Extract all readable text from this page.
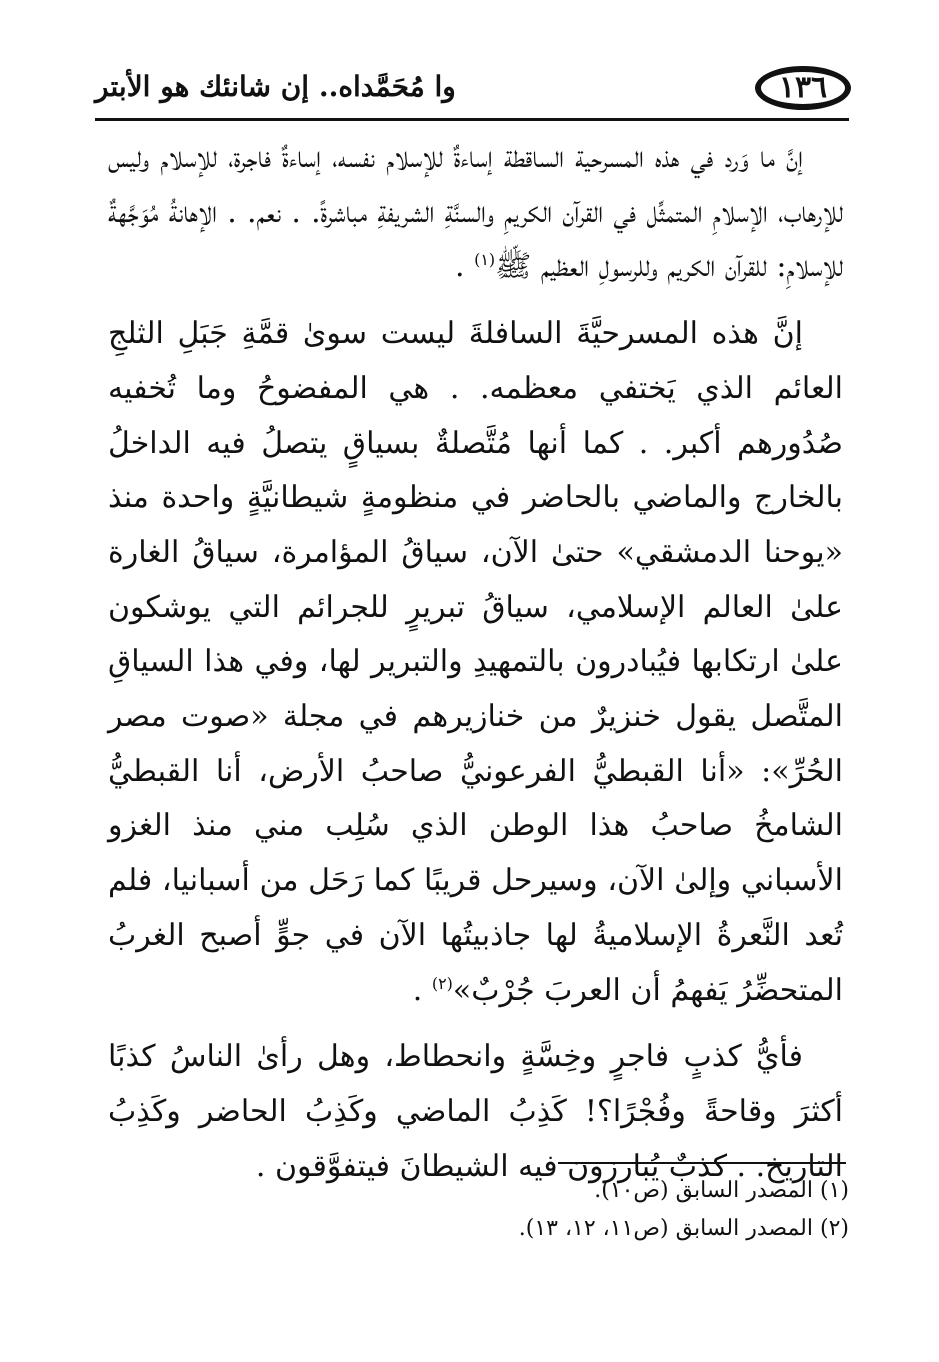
١٣٦
وا مُحَمَّداه.. إن شانئك هو الأبتر

إنَّ ما وَرد في هذه المسرحية الساقطة إساءةٌ للإسلام نفسه، إساءةٌ فاجرة، للإسلام وليس للإرهاب، الإسلامِ المتمثِّل في القرآن الكريمِ والسنَّةِ الشريفةِ مباشرةً. . نعم. . الإهانةُ مُوَجَّهةٌ للإسلامِ: للقرآن الكريم وللرسولِ العظيم ﷺ$^{(١)}$ .

إنَّ هذه المسرحيَّةَ السافلةَ ليست سوىٰ قمَّةِ جَبَلِ الثلجِ العائم الذي يَختفي معظمه. . هي المفضوحُ وما تُخفيه صُدُورهم أكبر. . كما أنها مُتَّصلةٌ بسياقٍ يتصلُ فيه الداخلُ بالخارج والماضي بالحاضر في منظومةٍ شيطانيَّةٍ واحدة منذ «يوحنا الدمشقي» حتىٰ الآن، سياقُ المؤامرة، سياقُ الغارة علىٰ العالم الإسلامي، سياقُ تبريرٍ للجرائم التي يوشكون علىٰ ارتكابها فيُبادرون بالتمهيدِ والتبرير لها، وفي هذا السياقِ المتَّصل يقول خنزيرٌ من خنازيرهم في مجلة «صوت مصر الحُرِّ»: «أنا القبطيُّ الفرعونيُّ صاحبُ الأرض، أنا القبطيُّ الشامخُ صاحبُ هذا الوطن الذي سُلِب مني منذ الغزو الأسباني وإلىٰ الآن، وسيرحل قريبًا كما رَحَل من أسبانيا، فلم تُعد النَّعرةُ الإسلاميةُ لها جاذبيتُها الآن في جوٍّ أصبح الغربُ المتحضِّرُ يَفهمُ أن العربَ جُرْبٌ»$^{(٢)}$ .

فأيُّ كذبٍ فاجرٍ وخِسَّةٍ وانحطاط، وهل رأىٰ الناسُ كذبًا أكثرَ وقاحةً وفُجْرًا؟! كَذِبُ الماضي وكَذِبُ الحاضر وكَذِبُ التاريخ. . كذبٌ يُبارزون فيه الشيطانَ فيتفوَّقون .

(١) المصدر السابق (ص١٠).

(٢) المصدر السابق (ص١١، ١٢، ١٣).
